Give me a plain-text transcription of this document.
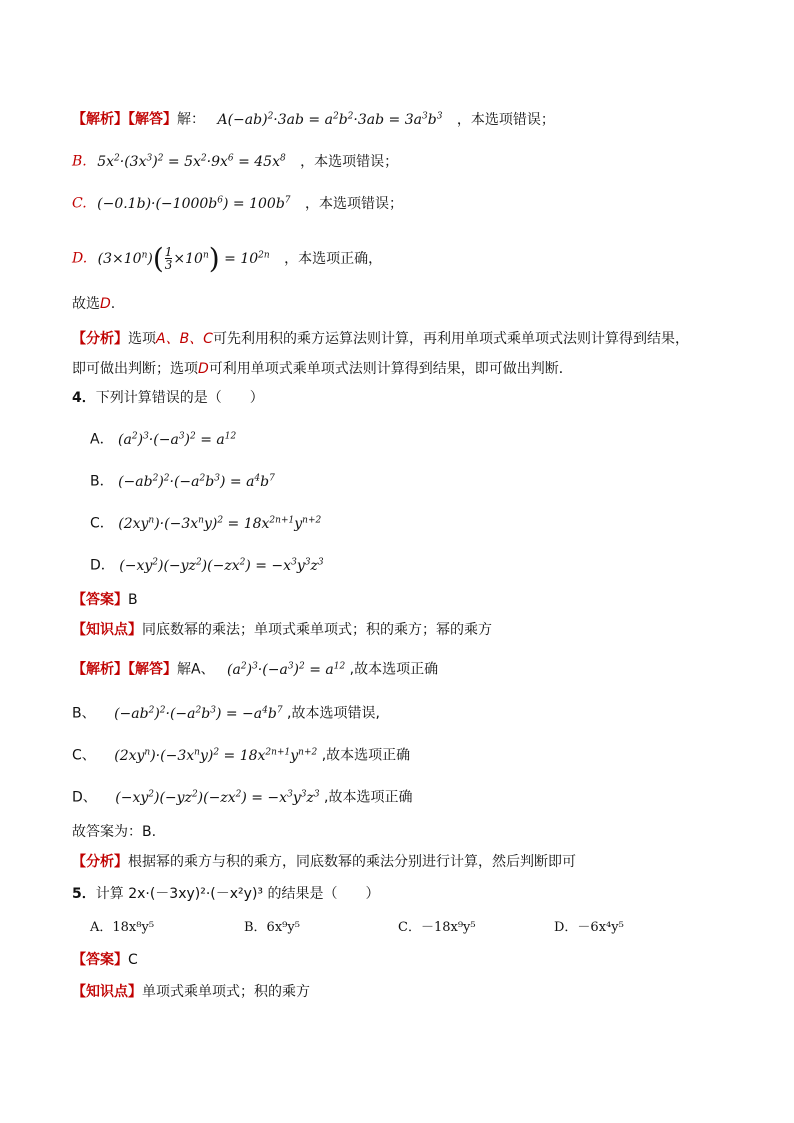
【解析】【解答】解： $A(-ab)^2\cdot 3ab = a^2b^2\cdot 3ab = 3a^3b^3$ ，本选项错误；
B. $5x^2\cdot(3x^3)^2 = 5x^2\cdot 9x^6 = 45x^8$ ，本选项错误；
C. $(-0.1b)\cdot(-1000b^6) = 100b^7$ ，本选项错误；
D. $(3\times 10^n)( \frac{1}{3} \times 10^n) = 10^{2n}$ ，本选项正确，
故选D.
【分析】选项A、B、C可先利用积的乘方运算法则计算，再利用单项式乘单项式法则计算得到结果，
即可做出判断；选项D可利用单项式乘单项式法则计算得到结果，即可做出判断．
4．下列计算错误的是（　　）
A． $(a^2)^3\cdot(-a^3)^2 = a^{12}$
B． $(-ab^2)^2\cdot(-a^2b^3) = a^4b^7$
C． $(2xy^n)\cdot(-3x^ny)^2 = 18x^{2n+1}y^{n+2}$
D． $(-xy^2)(-yz^2)(-zx^2) = -x^3y^3z^3$
【答案】B
【知识点】同底数幂的乘法；单项式乘单项式；积的乘方；幂的乘方
【解析】【解答】解A、 $(a^2)^3\cdot(-a^3)^2 = a^{12}$ ,故本选项正确
B、 $(-ab^2)^2\cdot(-a^2b^3) = -a^4b^7$ ,故本选项错误,
C、 $(2xy^n)\cdot(-3x^ny)^2 = 18x^{2n+1}y^{n+2}$ ,故本选项正确
D、 $(-xy^2)(-yz^2)(-zx^2) = -x^3y^3z^3$ ,故本选项正确
故答案为：B.
【分析】根据幂的乘方与积的乘方，同底数幂的乘法分别进行计算，然后判断即可
5．计算 2x·(－3xy)²·(－x²y)³ 的结果是（　　）
A．18x⁸y⁵	B．6x⁹y⁵	C．－18x⁹y⁵	D．－6x⁴y⁵
【答案】C
【知识点】单项式乘单项式；积的乘方
